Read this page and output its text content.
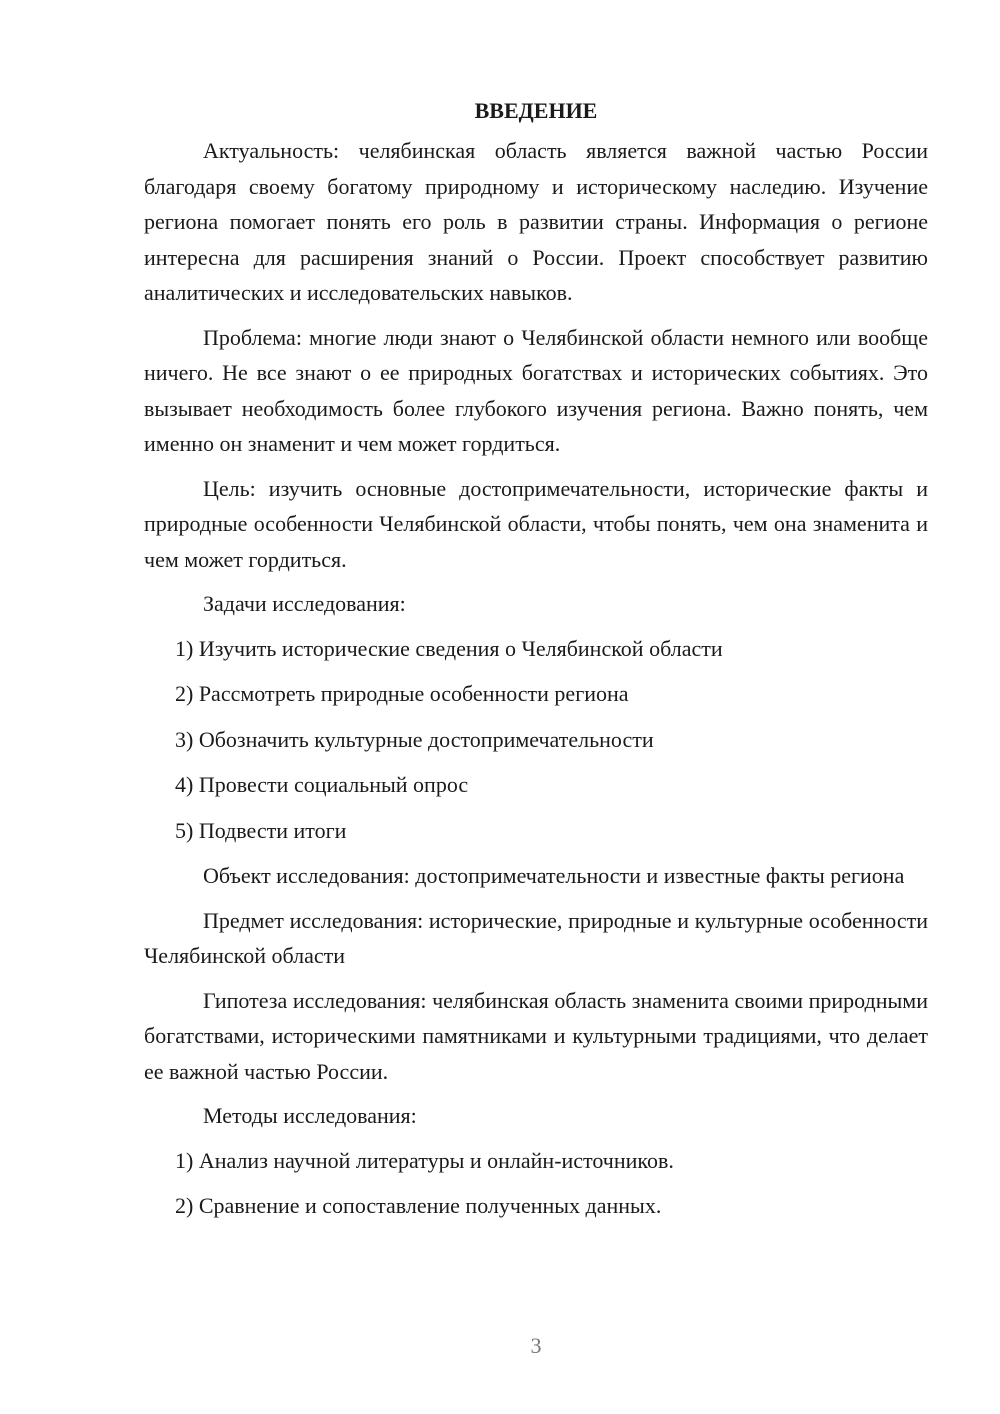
ВВЕДЕНИЕ

Актуальность: челябинская область является важной частью России благодаря своему богатому природному и историческому наследию. Изучение региона помогает понять его роль в развитии страны. Информация о регионе интересна для расширения знаний о России. Проект способствует развитию аналитических и исследовательских навыков.

Проблема: многие люди знают о Челябинской области немного или вообще ничего. Не все знают о ее природных богатствах и исторических событиях. Это вызывает необходимость более глубокого изучения региона. Важно понять, чем именно он знаменит и чем может гордиться.

Цель: изучить основные достопримечательности, исторические факты и природные особенности Челябинской области, чтобы понять, чем она знаменита и чем может гордиться.

Задачи исследования:

1) Изучить исторические сведения о Челябинской области
2) Рассмотреть природные особенности региона
3) Обозначить культурные достопримечательности
4) Провести социальный опрос
5) Подвести итоги

Объект исследования: достопримечательности и известные факты региона

Предмет исследования: исторические, природные и культурные особенности Челябинской области

Гипотеза исследования: челябинская область знаменита своими природными богатствами, историческими памятниками и культурными традициями, что делает ее важной частью России.

Методы исследования:

1) Анализ научной литературы и онлайн-источников.
2) Сравнение и сопоставление полученных данных.
3
